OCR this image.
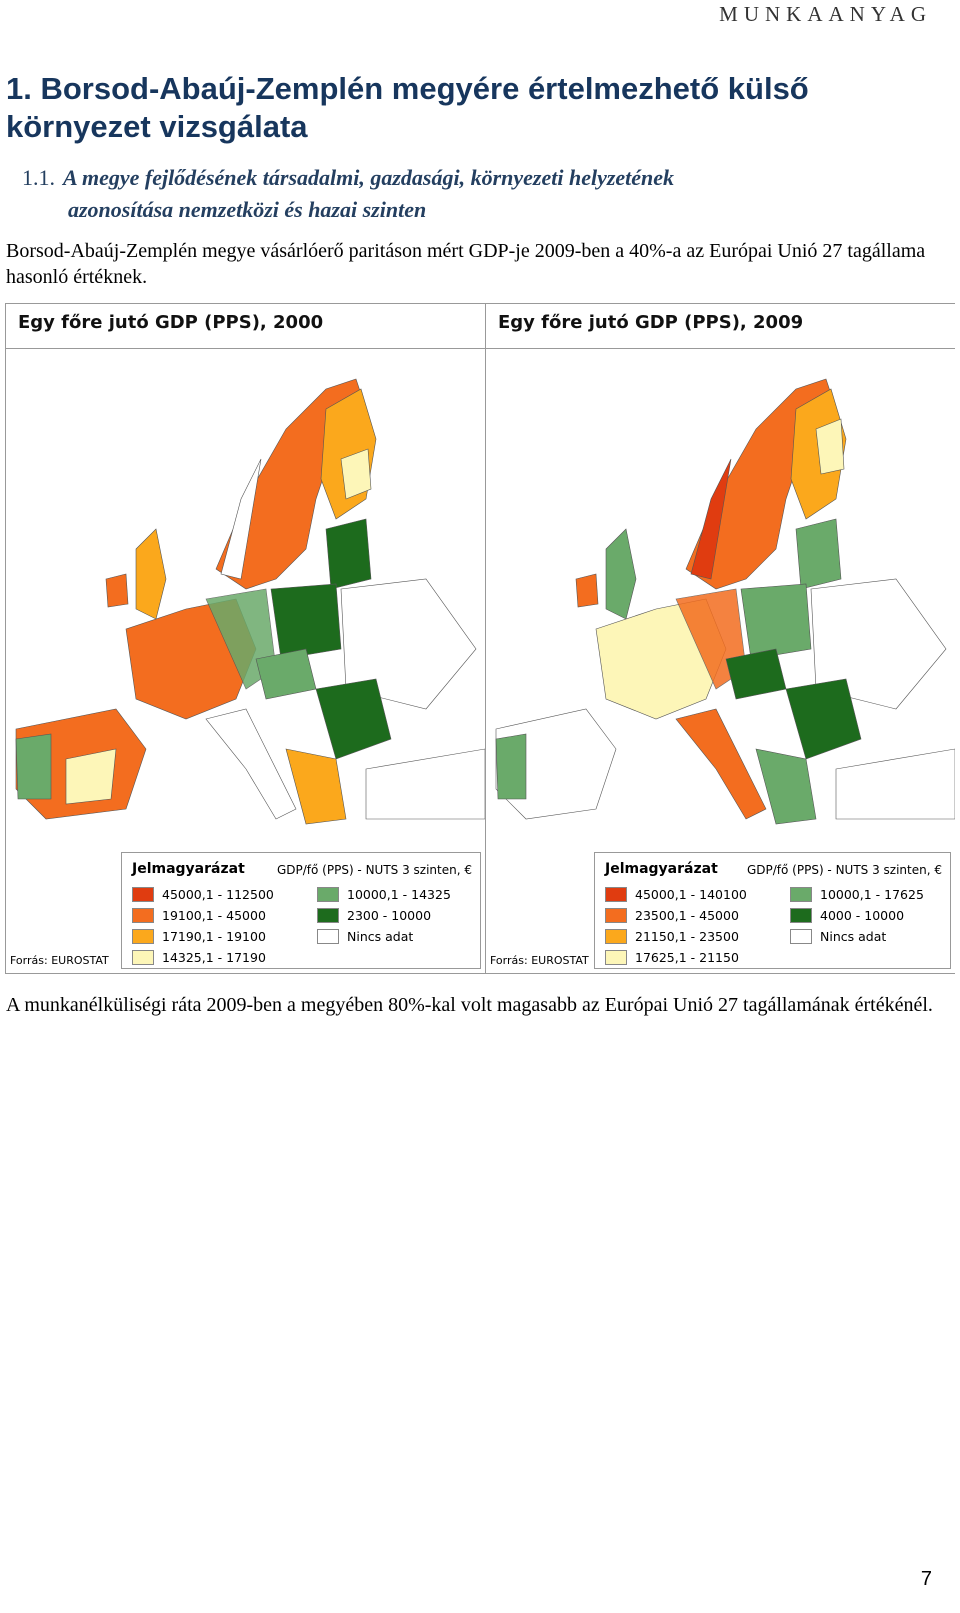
MUNKAANYAG
1. Borsod-Abaúj-Zemplén megyére értelmezhető külső környezet vizsgálata
1.1. A megye fejlődésének társadalmi, gazdasági, környezeti helyzetének
azonosítása nemzetközi és hazai szinten

Borsod-Abaúj-Zemplén megye vásárlóerő paritáson mért GDP-je 2009-ben a 40%-a az Európai Unió 27 tagállama hasonló értéknek.

Egy főre jutó GDP (PPS), 2000
Jelmagyarázat	GDP/fő (PPS) - NUTS 3 szinten, €
45000,1 - 112500
19100,1 - 45000
17190,1 - 19100
14325,1 - 17190
10000,1 - 14325
2300 - 10000
Nincs adat
Forrás: EUROSTAT
Egy főre jutó GDP (PPS), 2009
Jelmagyarázat GDP/fő (PPS) - NUTS 3 szinten, €
45000,1 - 140100
23500,1 - 45000
21150,1 - 23500
17625,1 - 21150
10000,1 - 17625
4000 - 10000
Nincs adat
Forrás: EUROSTAT

A munkanélküliségi ráta 2009-ben a megyében 80%-kal volt magasabb az Európai Unió 27 tagállamának értékénél.

7
